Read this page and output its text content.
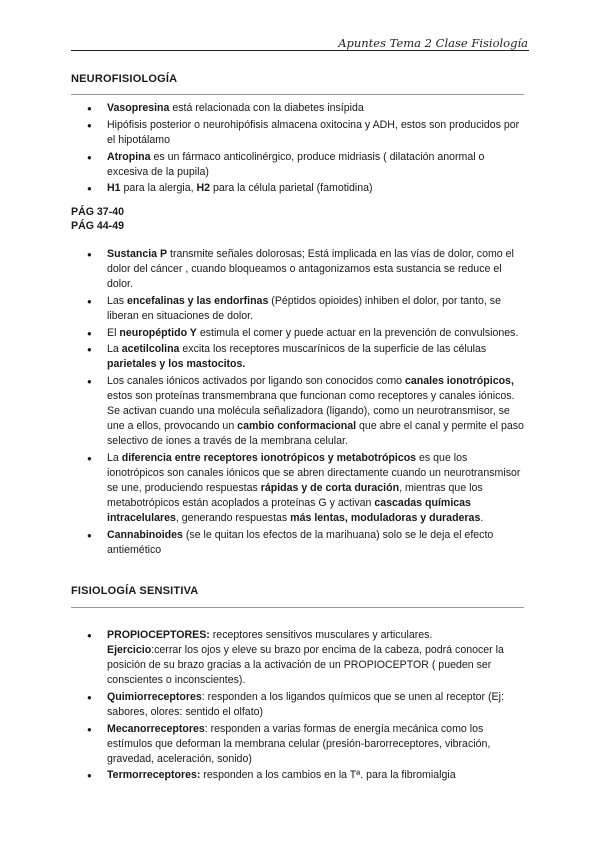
Apuntes Tema 2 Clase Fisiología
NEUROFISIOLOGÍA
● Vasopresina está relacionada con la diabetes insípida
● Hipófisis posterior o neurohipófisis almacena oxitocina y ADH, estos son producidos por el hipotálamo
● Atropina es un fármaco anticolinérgico, produce midriasis ( dilatación anormal o excesiva de la pupila)
● H1 para la alergia, H2 para la célula parietal (famotidina)
PÁG 37-40
PÁG 44-49
● Sustancia P transmite señales dolorosas; Está implicada en las vías de dolor, como el dolor del cáncer , cuando bloqueamos o antagonizamos esta sustancia se reduce el dolor.
● Las encefalinas y las endorfinas (Péptidos opioides) inhiben el dolor, por tanto, se liberan en situaciones de dolor.
● El neuropéptido Y estimula el comer y puede actuar en la prevención de convulsiones.
● La acetilcolina excita los receptores muscarínicos de la superficie de las células parietales y los mastocitos.
● Los canales iónicos activados por ligando son conocidos como canales ionotrópicos, estos son proteínas transmembrana que funcionan como receptores y canales iónicos. Se activan cuando una molécula señalizadora (ligando), como un neurotransmisor, se une a ellos, provocando un cambio conformacional que abre el canal y permite el paso selectivo de iones a través de la membrana celular.
● La diferencia entre receptores ionotrópicos y metabotrópicos es que los ionotrópicos son canales iónicos que se abren directamente cuando un neurotransmisor se une, produciendo respuestas rápidas y de corta duración, mientras que los metabotrópicos están acoplados a proteínas G y activan cascadas químicas intracelulares, generando respuestas más lentas, moduladoras y duraderas.
● Cannabinoides (se le quitan los efectos de la marihuana) solo se le deja el efecto antiemético
FISIOLOGÍA SENSITIVA
● PROPIOCEPTORES: receptores sensitivos musculares y articulares.
Ejercicio:cerrar los ojos y eleve su brazo por encima de la cabeza, podrá conocer la posición de su brazo gracias a la activación de un PROPIOCEPTOR ( pueden ser conscientes o inconscientes).
● Quimiorreceptores: responden a los ligandos químicos que se unen al receptor (Ej: sabores, olores: sentido el olfato)
● Mecanorreceptores: responden a varias formas de energía mecánica como los estímulos que deforman la membrana celular (presión-barorreceptores, vibración, gravedad, aceleración, sonido)
● Termorreceptores: responden a los cambios en la Tª. para la fibromialgia
